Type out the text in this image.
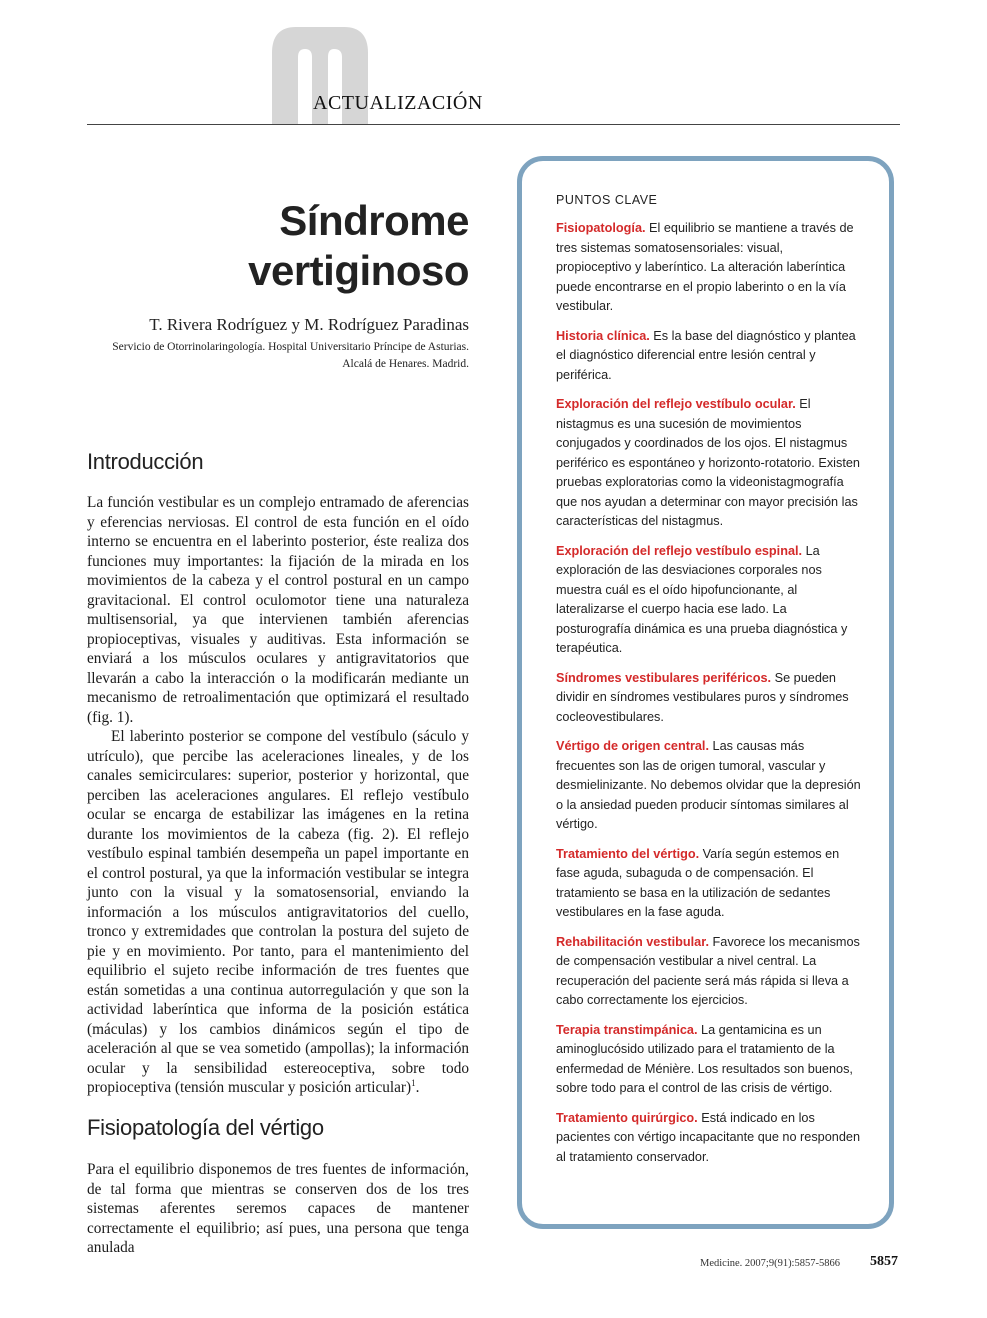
ACTUALIZACIÓN
Síndrome
vertiginoso
T. Rivera Rodríguez y M. Rodríguez Paradinas
Servicio de Otorrinolaringología. Hospital Universitario Príncipe de Asturias.
Alcalá de Henares. Madrid.
Introducción

La función vestibular es un complejo entramado de aferencias y eferencias nerviosas. El control de esta función en el oído interno se encuentra en el laberinto posterior, éste realiza dos funciones muy importantes: la fijación de la mirada en los movimientos de la cabeza y el control postural en un campo gravitacional. El control oculomotor tiene una naturaleza multisensorial, ya que intervienen también aferencias propioceptivas, visuales y auditivas. Esta información se enviará a los músculos oculares y antigravitatorios que llevarán a cabo la interacción o la modificarán mediante un mecanismo de retroalimentación que optimizará el resultado (fig. 1).

El laberinto posterior se compone del vestíbulo (sáculo y utrículo), que percibe las aceleraciones lineales, y de los canales semicirculares: superior, posterior y horizontal, que perciben las aceleraciones angulares. El reflejo vestíbulo ocular se encarga de estabilizar las imágenes en la retina durante los movimientos de la cabeza (fig. 2). El reflejo vestíbulo espinal también desempeña un papel importante en el control postural, ya que la información vestibular se integra junto con la visual y la somatosensorial, enviando la información a los músculos antigravitatorios del cuello, tronco y extremidades que controlan la postura del sujeto de pie y en movimiento. Por tanto, para el mantenimiento del equilibrio el sujeto recibe información de tres fuentes que están sometidas a una continua autorregulación y que son la actividad laberíntica que informa de la posición estática (máculas) y los cambios dinámicos según el tipo de aceleración al que se vea sometido (ampollas); la información ocular y la sensibilidad estereoceptiva, sobre todo propioceptiva (tensión muscular y posición articular)$^1$.

Fisiopatología del vértigo

Para el equilibrio disponemos de tres fuentes de información, de tal forma que mientras se conserven dos de los tres sistemas aferentes seremos capaces de mantener correctamente el equilibrio; así pues, una persona que tenga anulada

PUNTOS CLAVE
Fisiopatología. El equilibrio se mantiene a través de tres sistemas somatosensoriales: visual, propioceptivo y laberíntico. La alteración laberíntica puede encontrarse en el propio laberinto o en la vía vestibular.
Historia clínica. Es la base del diagnóstico y plantea el diagnóstico diferencial entre lesión central y periférica.
Exploración del reflejo vestíbulo ocular. El nistagmus es una sucesión de movimientos conjugados y coordinados de los ojos. El nistagmus periférico es espontáneo y horizonto-rotatorio. Existen pruebas exploratorias como la videonistagmografía que nos ayudan a determinar con mayor precisión las características del nistagmus.
Exploración del reflejo vestíbulo espinal. La exploración de las desviaciones corporales nos muestra cuál es el oído hipofuncionante, al lateralizarse el cuerpo hacia ese lado. La posturografía dinámica es una prueba diagnóstica y terapéutica.
Síndromes vestibulares periféricos. Se pueden dividir en síndromes vestibulares puros y síndromes cocleovestibulares.
Vértigo de origen central. Las causas más frecuentes son las de origen tumoral, vascular y desmielinizante. No debemos olvidar que la depresión o la ansiedad pueden producir síntomas similares al vértigo.
Tratamiento del vértigo. Varía según estemos en fase aguda, subaguda o de compensación. El tratamiento se basa en la utilización de sedantes vestibulares en la fase aguda.
Rehabilitación vestibular. Favorece los mecanismos de compensación vestibular a nivel central. La recuperación del paciente será más rápida si lleva a cabo correctamente los ejercicios.
Terapia transtimpánica. La gentamicina es un aminoglucósido utilizado para el tratamiento de la enfermedad de Ménière. Los resultados son buenos, sobre todo para el control de las crisis de vértigo.
Tratamiento quirúrgico. Está indicado en los pacientes con vértigo incapacitante que no responden al tratamiento conservador.
Medicine. 2007;9(91):5857-5866 5857
